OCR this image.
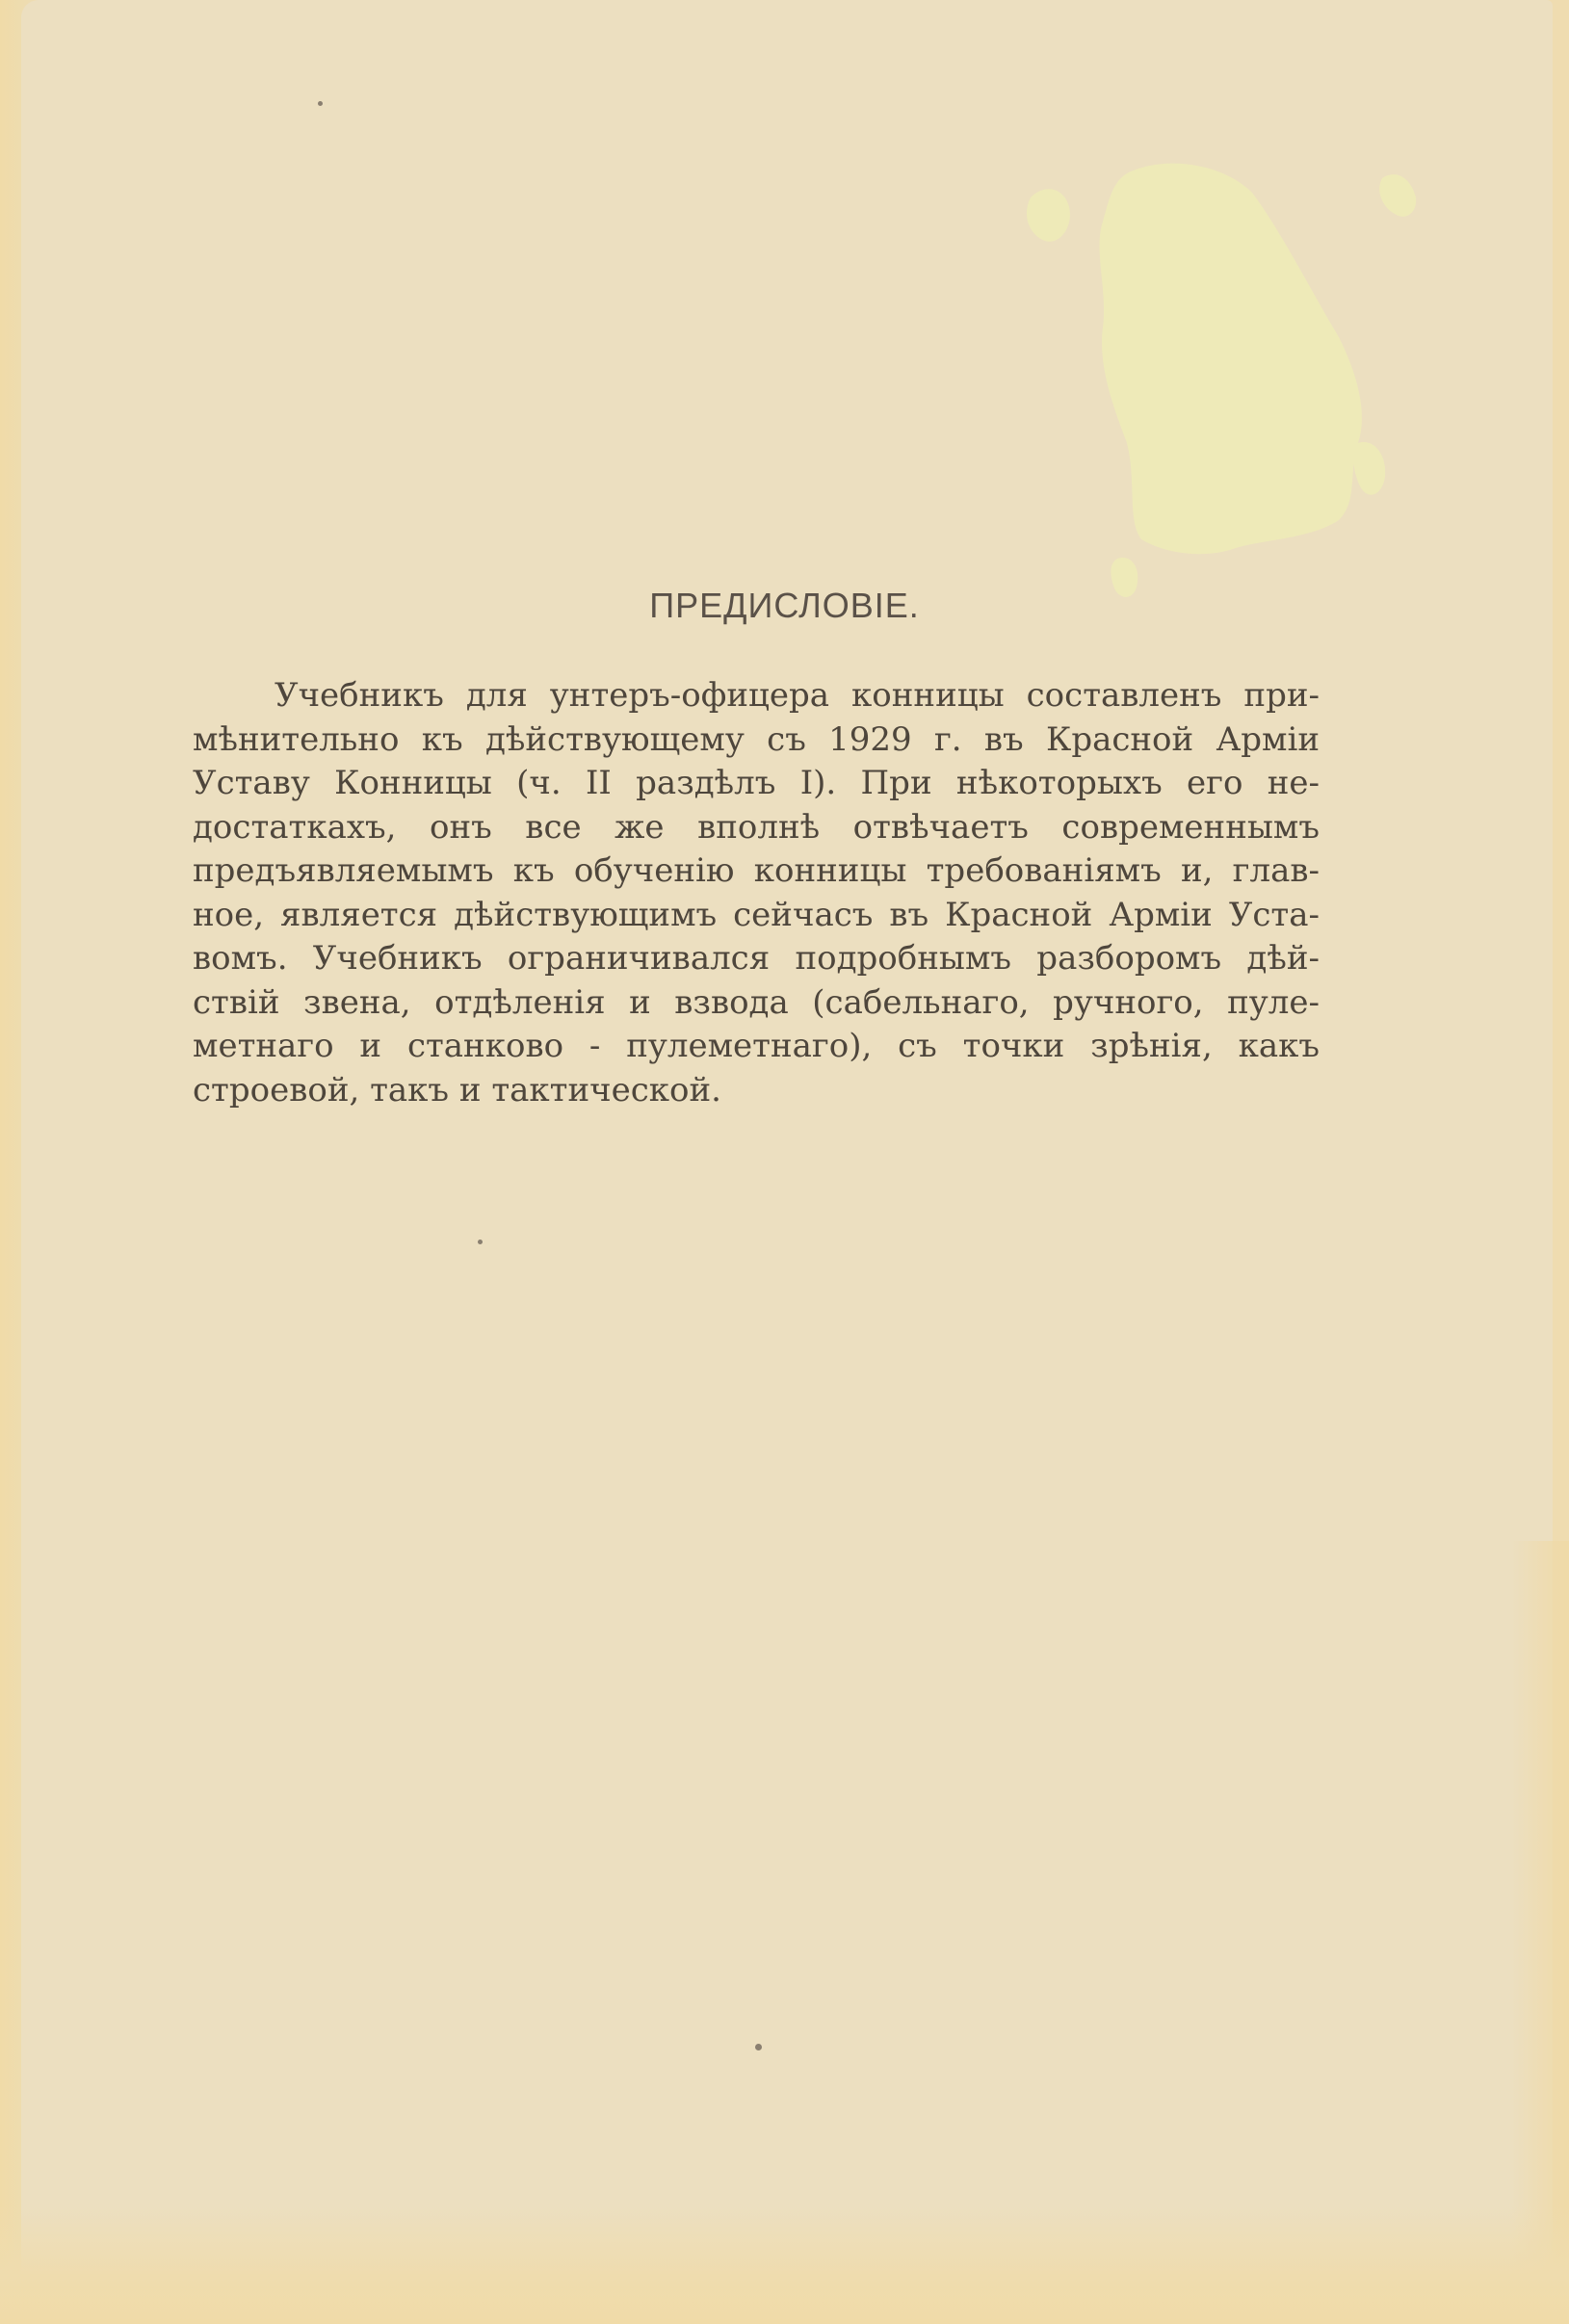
ПРЕДИСЛОВІЕ.
Учебникъ для унтеръ-офицера конницы составленъ при-
мѣнительно къ дѣйствующему съ 1929 г. въ Красной Арміи
Уставу Конницы (ч. II раздѣлъ I). При нѣкоторыхъ его не-
достаткахъ, онъ все же вполнѣ отвѣчаетъ современнымъ
предъявляемымъ къ обученію конницы требованіямъ и, глав-
ное, является дѣйствующимъ сейчасъ въ Красной Арміи Уста-
вомъ. Учебникъ ограничивался подробнымъ разборомъ дѣй-
ствій звена, отдѣленія и взвода (сабельнаго, ручного, пуле-
метнаго и станково - пулеметнаго), съ точки зрѣнія, какъ
строевой, такъ и тактической.
